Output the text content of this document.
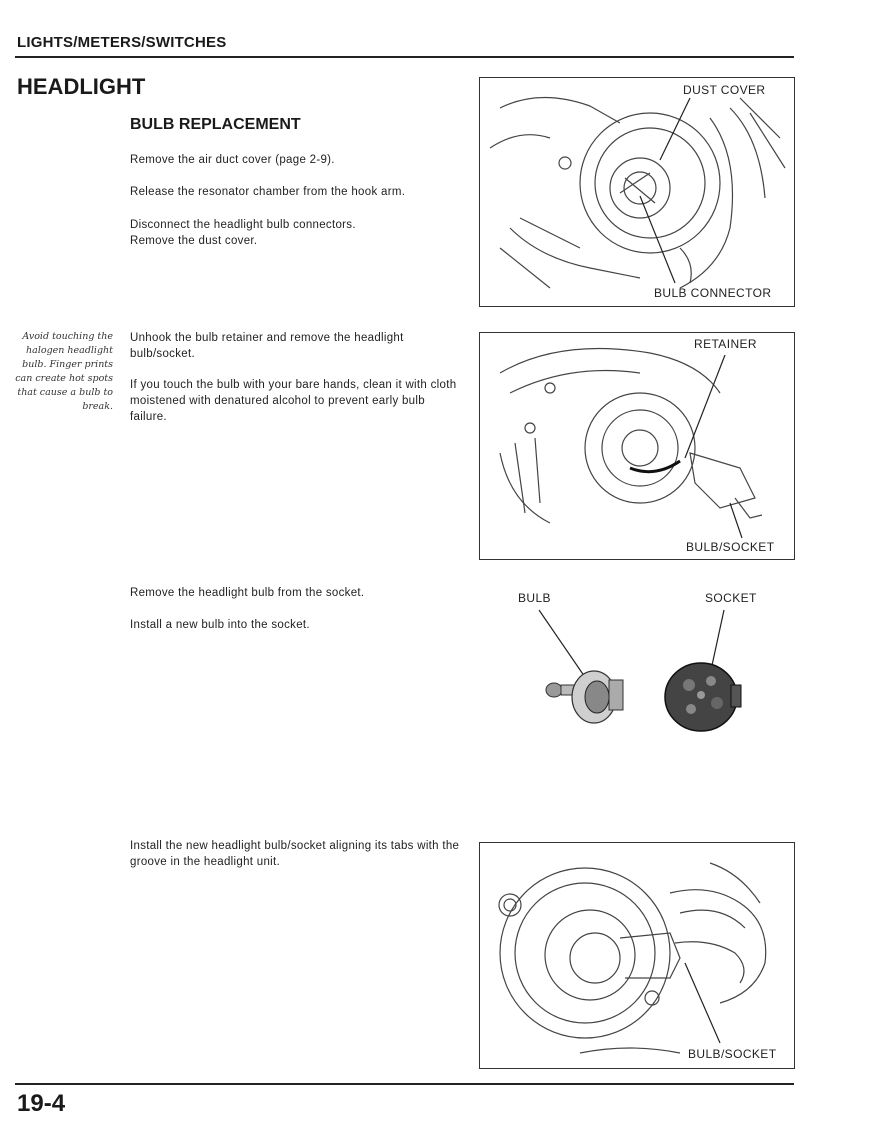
LIGHTS/METERS/SWITCHES
HEADLIGHT
BULB REPLACEMENT

Remove the air duct cover (page 2-9).

Release the resonator chamber from the hook arm.

Disconnect the headlight bulb connectors.

Remove the dust cover.

DUST COVER
BULB CONNECTOR
Avoid touching the halogen headlight bulb. Finger prints can create hot spots that cause a bulb to break.

Unhook the bulb retainer and remove the headlight bulb/socket.

If you touch the bulb with your bare hands, clean it with cloth moistened with denatured alcohol to prevent early bulb failure.

RETAINER
BULB/SOCKET

Remove the headlight bulb from the socket.

Install a new bulb into the socket.

BULB	SOCKET

Install the new headlight bulb/socket aligning its tabs with the groove in the headlight unit.

BULB/SOCKET
19-4
